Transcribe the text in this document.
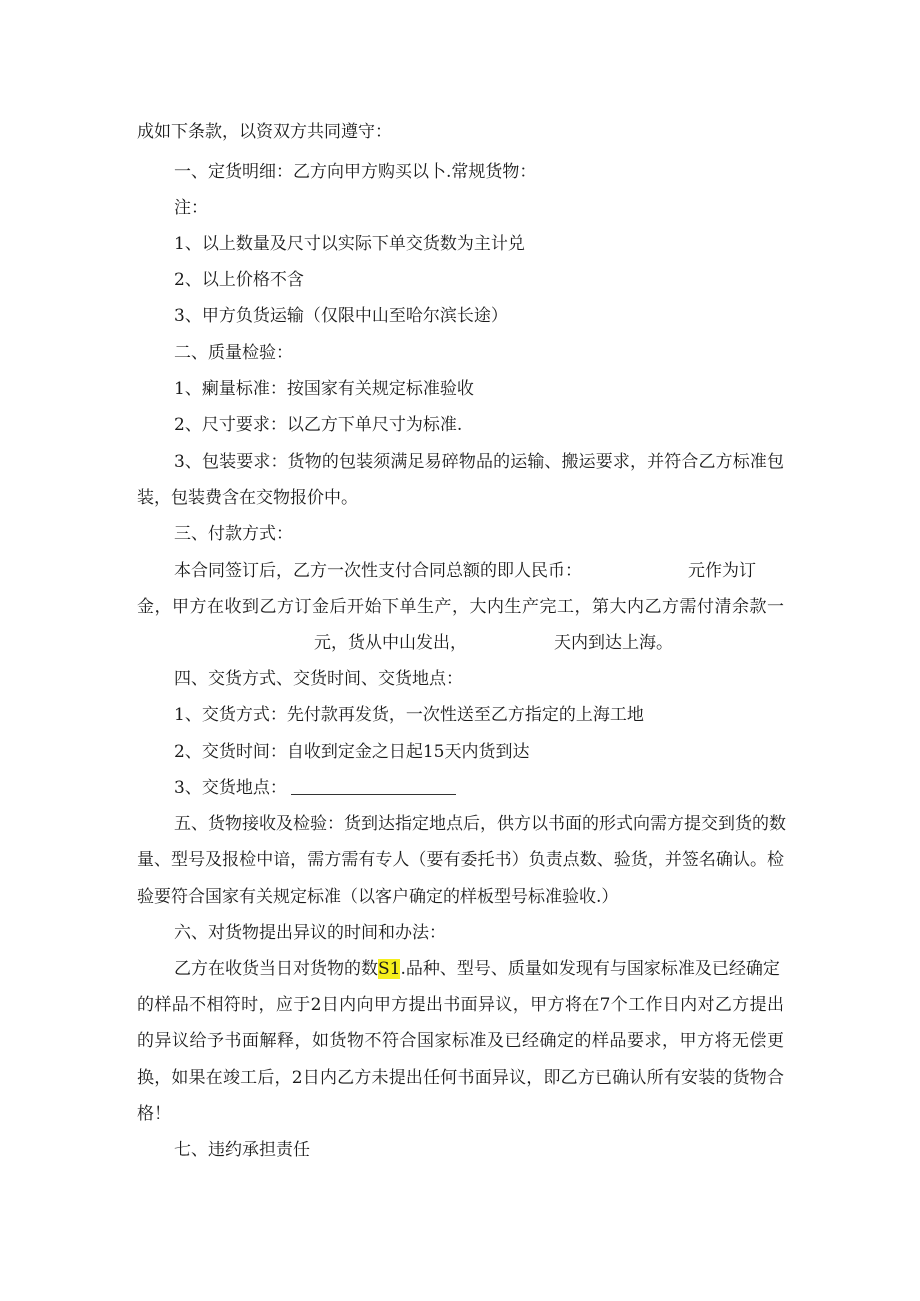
成如下条款，以资双方共同遵守：
一、定货明细：乙方向甲方购买以卜.常规货物：
注：
1、以上数量及尺寸以实际下单交货数为主计兑
2、以上价格不含
3、甲方负货运输（仅限中山至哈尔滨长途）
二、质量检验：
1、瘌量标准：按国家有关规定标准验收
2、尺寸要求：以乙方下单尺寸为标准.
3、包装要求：货物的包装须满足易碎物品的运输、搬运要求，并符合乙方标准包
装，包装费含在交物报价中。
三、付款方式：
本合同签订后，乙方一次性支付合同总额的即人民币：	元作为订
金，甲方在收到乙方订金后开始下单生产，大内生产完工，第大内乙方需付清余款一
元，货从中山发出，	天内到达上海。
四、交货方式、交货时间、交货地点：
1、交货方式：先付款再发货，一次性送至乙方指定的上海工地
2、交货时间：自收到定金之日起15天内货到达
3、交货地点：
五、货物接收及检验：货到达指定地点后，供方以书面的形式向需方提交到货的数
量、型号及报检中谙，需方需有专人（要有委托书）负责点数、验货，并签名确认。检
验要符合国家有关规定标准（以客户确定的样板型号标准验收.）
六、对货物提出异议的时间和办法：
乙方在收货当日对货物的数S1.品种、型号、质量如发现有与国家标准及已经确定
的样品不相符时，应于2日内向甲方提出书面异议，甲方将在7个工作日内对乙方提出
的异议给予书面解释，如货物不符合国家标准及已经确定的样品要求，甲方将无偿更
换，如果在竣工后，2日内乙方未提出任何书面异议，即乙方已确认所有安装的货物合
格！
七、违约承担责任
